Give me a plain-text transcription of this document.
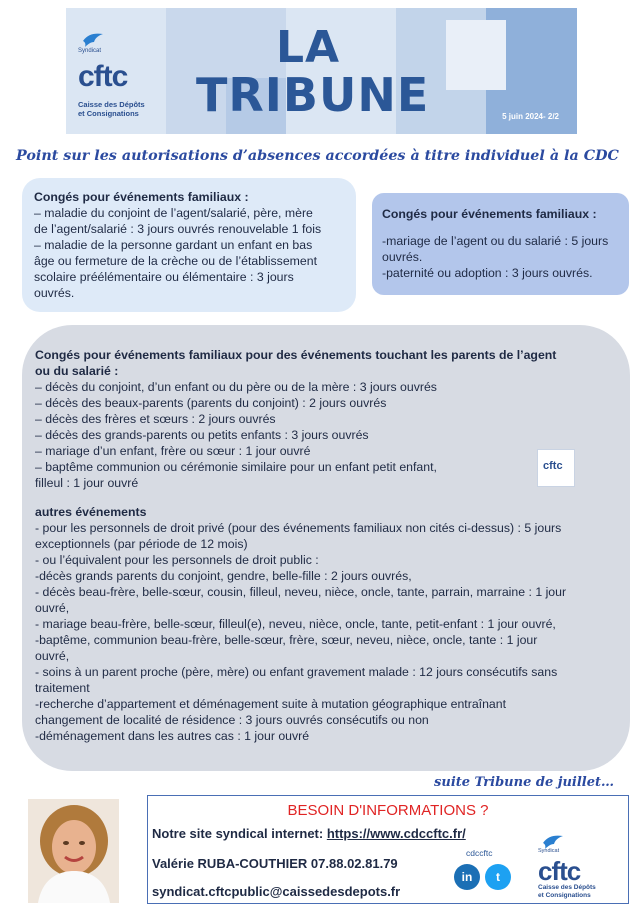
Syndicat
cftc
Caisse des Dépôts
et Consignations
LA
TRIBUNE	5 juin 2024- 2/2
Point sur les autorisations d’absences accordées à titre individuel à la CDC
Congés pour événements familiaux :
– maladie du conjoint de l’agent/salarié, père, mère
de l’agent/salarié : 3 jours ouvrés renouvelable 1 fois
– maladie de la personne gardant un enfant en bas
âge ou fermeture de la crèche ou de l’établissement
scolaire préélémentaire ou élémentaire : 3 jours
ouvrés.
Congés pour événements familiaux :
-mariage de l’agent ou du salarié : 5 jours
ouvrés.
-paternité ou adoption : 3 jours ouvrés.
Congés pour événements familiaux pour des événements touchant les parents de l’agent
ou du salarié :
– décès du conjoint, d’un enfant ou du père ou de la mère : 3 jours ouvrés
– décès des beaux-parents (parents du conjoint) : 2 jours ouvrés
– décès des frères et sœurs : 2 jours ouvrés
– décès des grands-parents ou petits enfants : 3 jours ouvrés
– mariage d’un enfant, frère ou sœur : 1 jour ouvré
– baptême communion ou cérémonie similaire pour un enfant petit enfant,
filleul : 1 jour ouvré
autres événements
- pour les personnels de droit privé (pour des événements familiaux non cités ci-dessus) : 5 jours
exceptionnels (par période de 12 mois)
- ou l’équivalent pour les personnels de droit public :
-décès grands parents du conjoint, gendre, belle-fille : 2 jours ouvrés,
- décès beau-frère, belle-sœur, cousin, filleul, neveu, nièce, oncle, tante, parrain, marraine : 1 jour
ouvré,
- mariage beau-frère, belle-sœur, filleul(e), neveu, nièce, oncle, tante, petit-enfant : 1 jour ouvré,
-baptême, communion beau-frère, belle-sœur, frère, sœur, neveu, nièce, oncle, tante : 1 jour
ouvré,
- soins à un parent proche (père, mère) ou enfant gravement malade : 12 jours consécutifs sans
traitement
-recherche d’appartement et déménagement suite à mutation géographique entraînant
changement de localité de résidence : 3 jours ouvrés consécutifs ou non
-déménagement dans les autres cas : 1 jour ouvré
cftc
suite Tribune de juillet…
BESOIN D'INFORMATIONS ?
Notre site syndical internet: https://www.cdccftc.fr/
Valérie RUBA-COUTHIER 07.88.02.81.79
syndicat.cftcpublic@caissedesdepots.fr
cdccftc
in	t
Syndicat
cftc
Caisse des Dépôts
et Consignations
